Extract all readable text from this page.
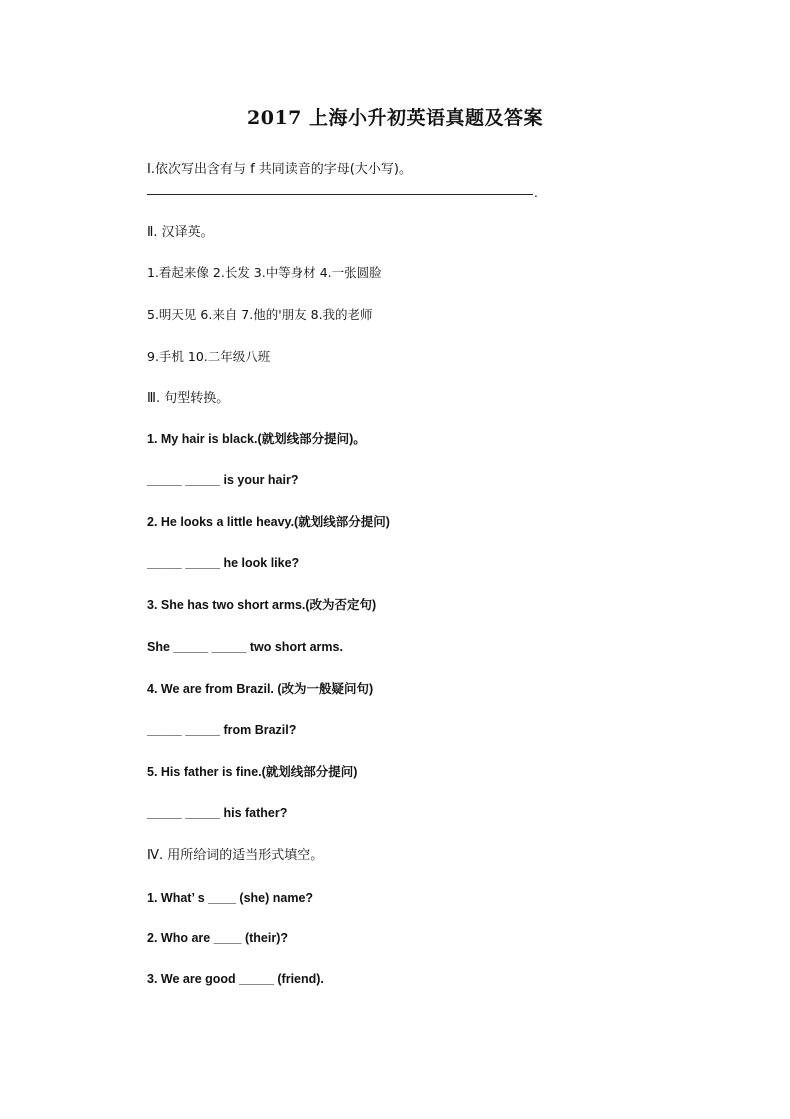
2017 上海小升初英语真题及答案
Ⅰ.依次写出含有与 f 共同读音的字母(大小写)。
.
Ⅱ. 汉译英。
1.看起来像 2.长发 3.中等身材 4.一张圆脸
5.明天见 6.来自 7.他的'朋友 8.我的老师
9.手机 10.二年级八班
Ⅲ. 句型转换。
1. My hair is black.(就划线部分提问)。
_____ _____ is your hair?
2. He looks a little heavy.(就划线部分提问)
_____ _____ he look like?
3. She has two short arms.(改为否定句)
She _____ _____ two short arms.
4. We are from Brazil. (改为一般疑问句)
_____ _____ from Brazil?
5. His father is fine.(就划线部分提问)
_____ _____ his father?
Ⅳ. 用所给词的适当形式填空。
1. What’ s ____ (she) name?
2. Who are ____ (their)?
3. We are good _____ (friend).
